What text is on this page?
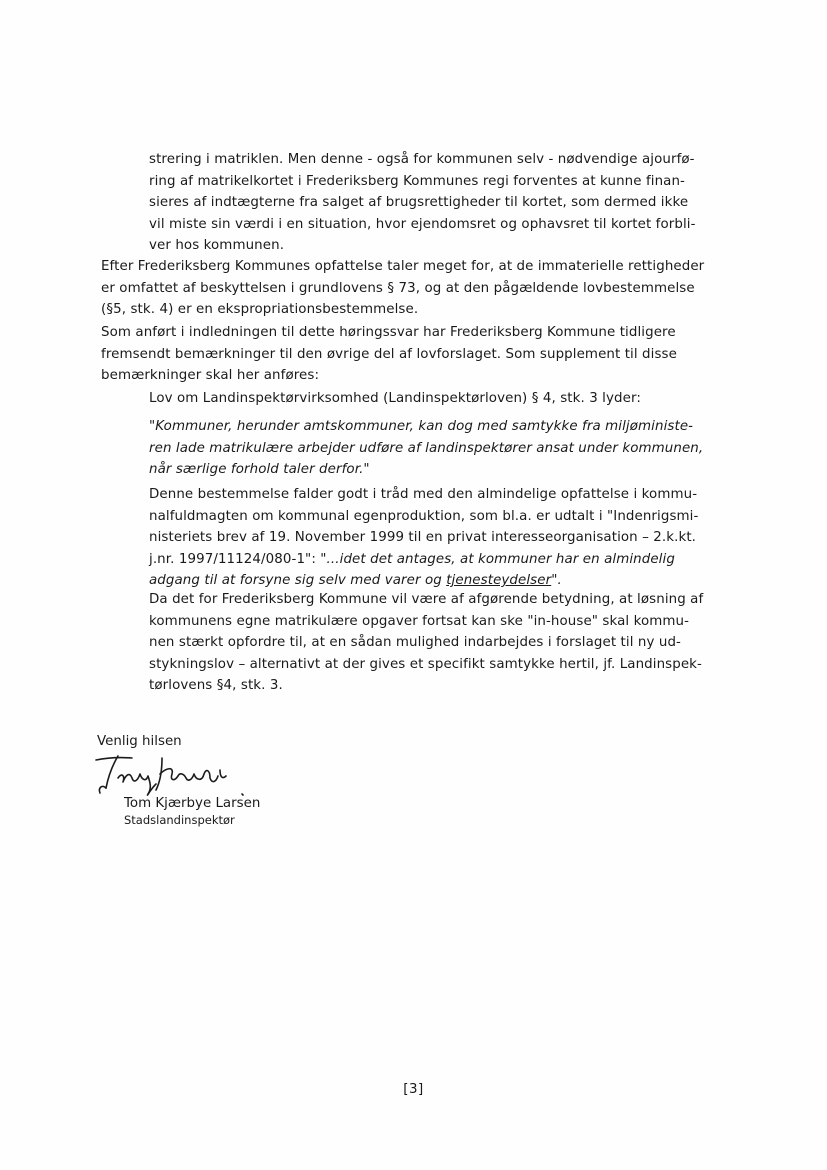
strering i matriklen. Men denne - også for kommunen selv - nødvendige ajourfø-
ring af matrikelkortet i Frederiksberg Kommunes regi forventes at kunne finan-
sieres af indtægterne fra salget af brugsrettigheder til kortet, som dermed ikke
vil miste sin værdi i en situation, hvor ejendomsret og ophavsret til kortet forbli-
ver hos kommunen.
Efter Frederiksberg Kommunes opfattelse taler meget for, at de immaterielle rettigheder
er omfattet af beskyttelsen i grundlovens § 73, og at den pågældende lovbestemmelse
(§5, stk. 4) er en ekspropriationsbestemmelse.
Som anført i indledningen til dette høringssvar har Frederiksberg Kommune tidligere
fremsendt bemærkninger til den øvrige del af lovforslaget. Som supplement til disse
bemærkninger skal her anføres:
Lov om Landinspektørvirksomhed (Landinspektørloven) § 4, stk. 3 lyder:
"Kommuner, herunder amtskommuner, kan dog med samtykke fra miljøministe-
ren lade matrikulære arbejder udføre af landinspektører ansat under kommunen,
når særlige forhold taler derfor."
Denne bestemmelse falder godt i tråd med den almindelige opfattelse i kommu-
nalfuldmagten om kommunal egenproduktion, som bl.a. er udtalt i "Indenrigsmi-
nisteriets brev af 19. November 1999 til en privat interesseorganisation – 2.k.kt.
j.nr. 1997/11124/080-1": "...idet det antages, at kommuner har en almindelig
adgang til at forsyne sig selv med varer og tjenesteydelser".
Da det for Frederiksberg Kommune vil være af afgørende betydning, at løsning af
kommunens egne matrikulære opgaver fortsat kan ske "in-house" skal kommu-
nen stærkt opfordre til, at en sådan mulighed indarbejdes i forslaget til ny ud-
stykningslov – alternativt at der gives et specifikt samtykke hertil, jf. Landinspek-
tørlovens §4, stk. 3.
Venlig hilsen
Tom Kjærbye Larsen
Stadslandinspektør
[3]
